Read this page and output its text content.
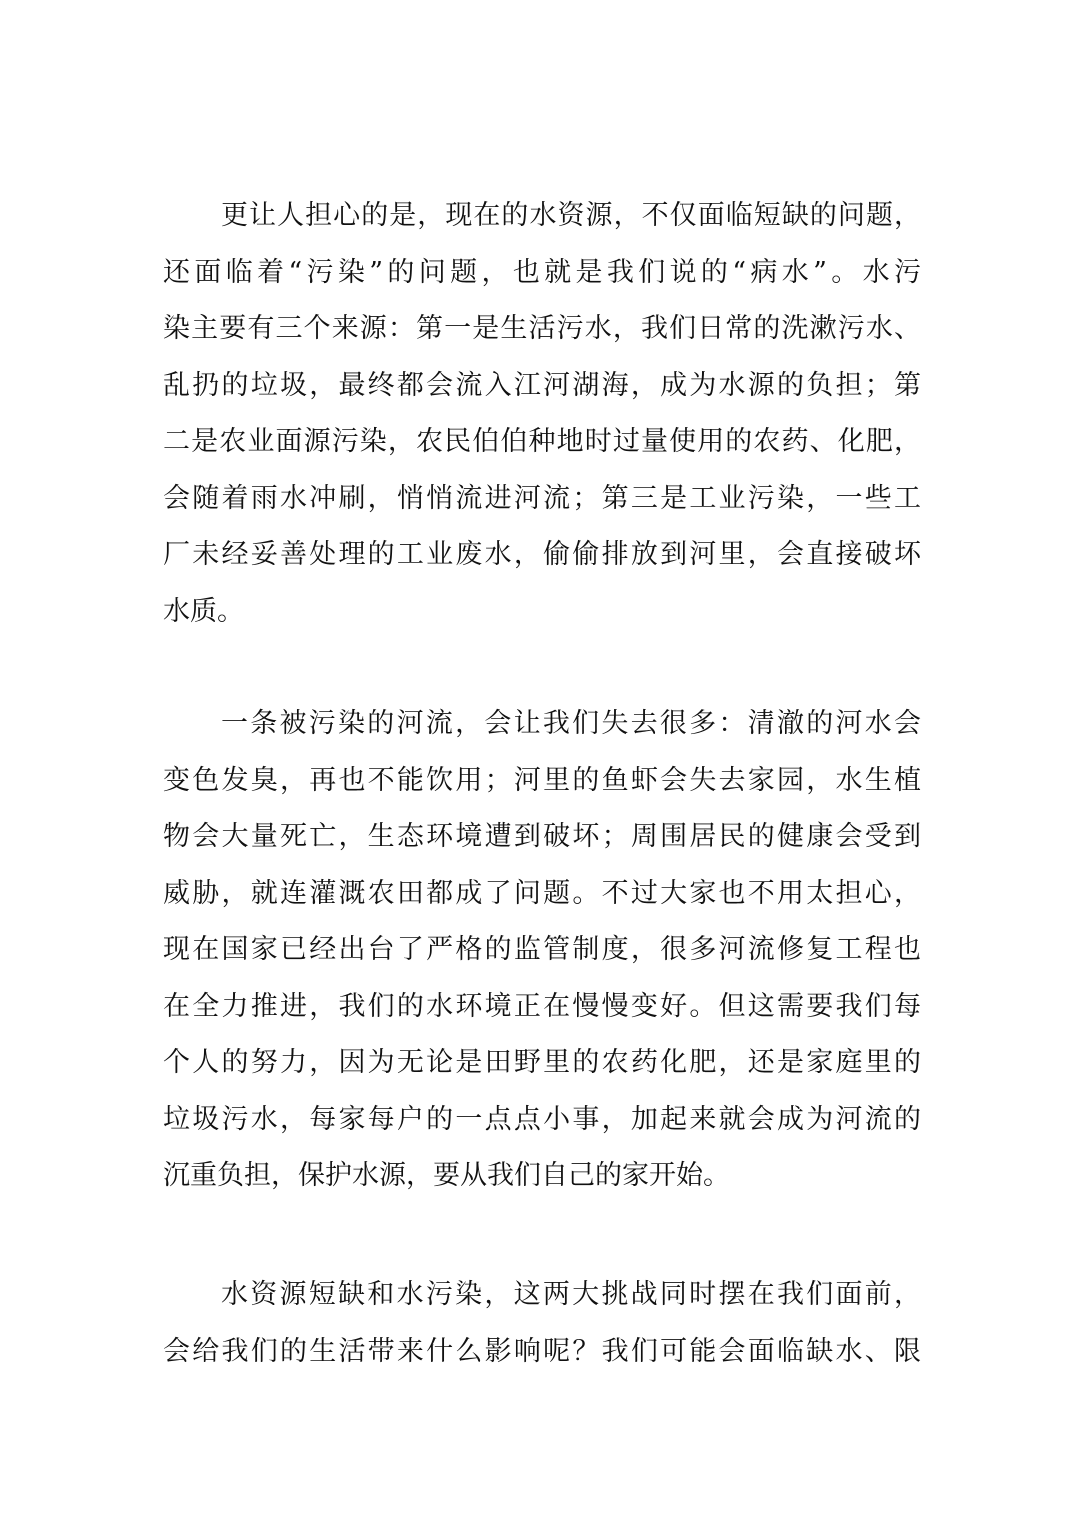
更让人担心的是，现在的水资源，不仅面临短缺的问题，
还面临着“污染”的问题，也就是我们说的“病水”。水污
染主要有三个来源：第一是生活污水，我们日常的洗漱污水、
乱扔的垃圾，最终都会流入江河湖海，成为水源的负担；第
二是农业面源污染，农民伯伯种地时过量使用的农药、化肥，
会随着雨水冲刷，悄悄流进河流；第三是工业污染，一些工
厂未经妥善处理的工业废水，偷偷排放到河里，会直接破坏
水质。
一条被污染的河流，会让我们失去很多：清澈的河水会
变色发臭，再也不能饮用；河里的鱼虾会失去家园，水生植
物会大量死亡，生态环境遭到破坏；周围居民的健康会受到
威胁，就连灌溉农田都成了问题。不过大家也不用太担心，
现在国家已经出台了严格的监管制度，很多河流修复工程也
在全力推进，我们的水环境正在慢慢变好。但这需要我们每
个人的努力，因为无论是田野里的农药化肥，还是家庭里的
垃圾污水，每家每户的一点点小事，加起来就会成为河流的
沉重负担，保护水源，要从我们自己的家开始。
水资源短缺和水污染，这两大挑战同时摆在我们面前，
会给我们的生活带来什么影响呢？我们可能会面临缺水、限
